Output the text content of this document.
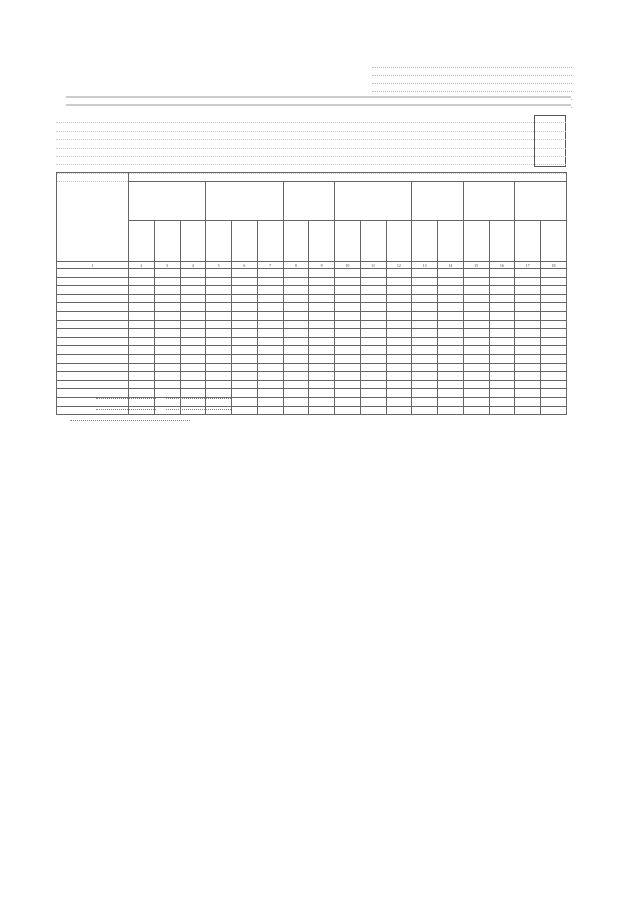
1	2	3	4	5	6	7	8	9	10	11	12	13	14	15	16	17	18
